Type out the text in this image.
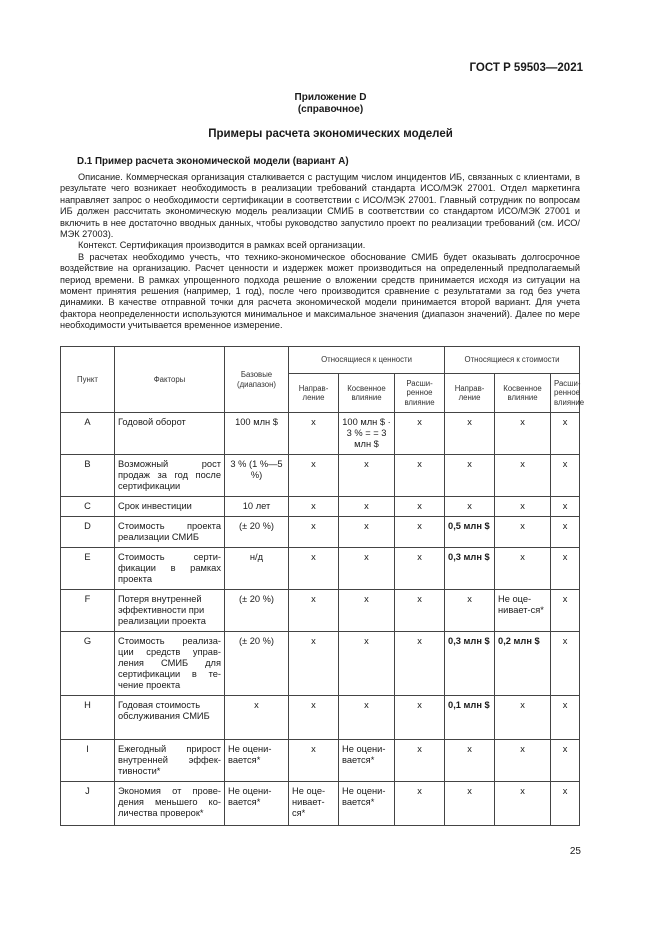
ГОСТ Р 59503—2021
Приложение D
(справочное)
Примеры расчета экономических моделей
D.1 Пример расчета экономической модели (вариант А)

Описание. Коммерческая организация сталкивается с растущим числом инцидентов ИБ, связанных с клиентами, в результате чего возникает необходимость в реализации требований стандарта ИСО/МЭК 27001. Отдел маркетинга направляет запрос о необходимости сертификации в соответствии с ИСО/МЭК 27001. Главный сотрудник по вопросам ИБ должен рассчитать экономическую модель реализации СМИБ в соответствии со стандартом ИСО/МЭК 27001 и включить в нее достаточно вводных данных, чтобы руководство запустило проект по реализации требований (см. ИСО/МЭК 27003).

Контекст. Сертификация производится в рамках всей организации.

В расчетах необходимо учесть, что технико-экономическое обоснование СМИБ будет оказывать долгосрочное воздействие на организацию. Расчет ценности и издержек может производиться на определенный предполагаемый период времени. В рамках упрощенного подхода решение о вложении средств принимается исходя из ситуации на момент принятия решения (например, 1 год), после чего производится сравнение с результатами за год без учета динамики. В качестве отправной точки для расчета экономической модели принимается второй вариант. Для учета фактора неопределенности используются минимальное и максимальное значения (диапазон значений). Далее по мере необходимости учитывается временное измерение.

Пункт	Факторы	Базовые (диапазон)	Относящиеся к ценности			Относящиеся к стоимости		
			Направ-ление	Косвенное влияние	Расши-ренное влияние	Направ-ление	Косвенное влияние	Расши-ренное влияние
A	Годовой оборот	100 млн $	x	100 млн $ · 3 % = = 3 млн $	x	x	x	x
B	Возможный рост продаж за год после сертификации	3 % (1 %—5 %)	x	x	x	x	x	x
C	Срок инвестиции	10 лет	x	x	x	x	x	x
D	Стоимость проекта реализации СМИБ	(± 20 %)	x	x	x	0,5 млн $	x	x
E	Стоимость серти-фикации в рамках проекта	н/д	x	x	x	0,3 млн $	x	x
F	Потеря внутренней эффективности при реализации проекта	(± 20 %)	x	x	x	x	Не оце-нивает-ся*	x
G	Стоимость реализа-ции средств управ-ления СМИБ для сертификации в те-чение проекта	(± 20 %)	x	x	x	0,3 млн $	0,2 млн $	x
H	Годовая стоимость обслуживания СМИБ	x	x	x	x	0,1 млн $	x	x
I	Ежегодный прирост внутренней эффек-тивности*	Не оцени-вается*	x	Не оцени-вается*	x	x	x	x
J	Экономия от прове-дения меньшего ко-личества проверок*	Не оцени-вается*	Не оце-нивает-ся*	Не оцени-вается*	x	x	x	x
25
